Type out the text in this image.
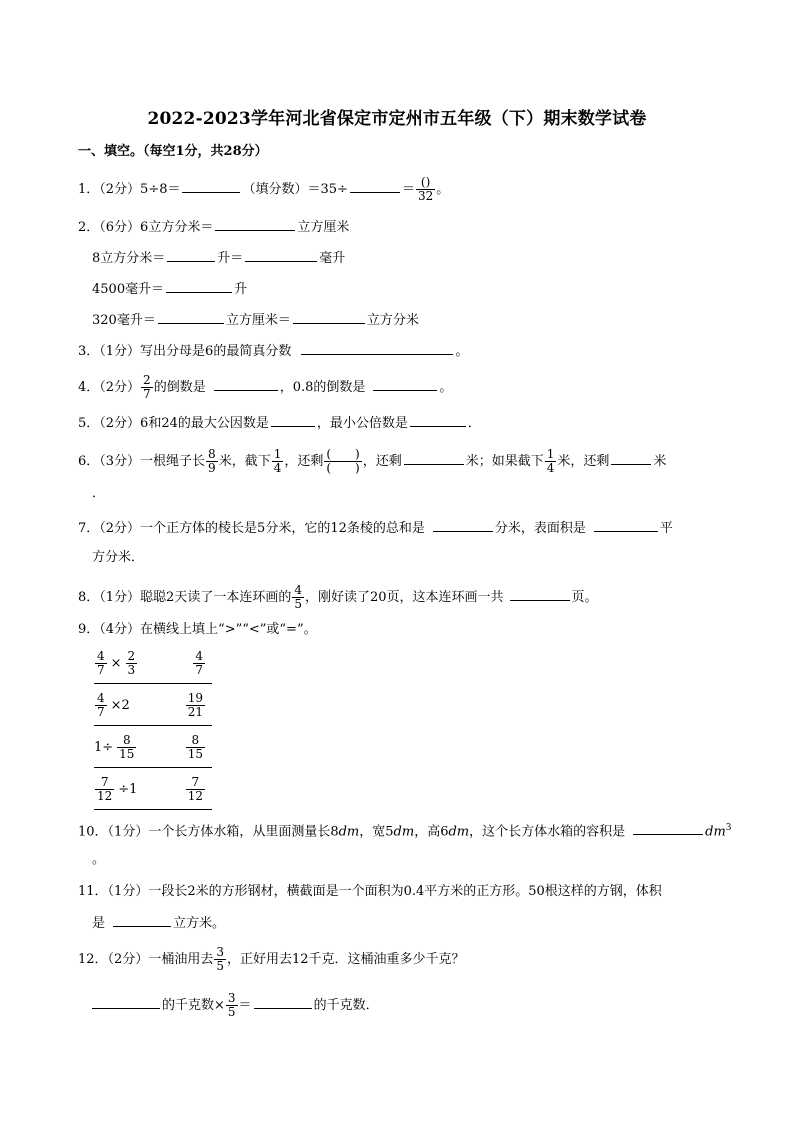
2022-2023学年河北省保定市定州市五年级（下）期末数学试卷
一、填空。（每空1分，共28分）
1．（2分）5÷8＝	（填分数）＝35÷	＝ $\frac{()}{32}$ 。
2．（6分）6立方分米＝	立方厘米
8立方分米＝	升＝	毫升
4500毫升＝	升
320毫升＝	立方厘米＝	立方分米
3．（1分）写出分母是6的最简真分数	。
4．（2分） $\frac{2}{7}$ 的倒数是	，0.8的倒数是	。
5．（2分）6和24的最大公因数是	，最小公倍数是	．
6．（3分）一根绳子长 $\frac{8}{9}$ 米，截下 $\frac{1}{4}$ ，还剩 $\frac{( )}{( )}$ ，还剩	米；如果截下 $\frac{1}{4}$ 米，还剩	米
．
7．（2分）一个正方体的棱长是5分米，它的12条棱的总和是	分米，表面积是	平
方分米．
8．（1分）聪聪2天读了一本连环画的 $\frac{4}{5}$ ，刚好读了20页，这本连环画一共	页。
9．（4分）在横线上填上“>”“<”或“=”。
$\frac{4}{7} \times \frac{2}{3}$	$\frac{4}{7}$
$\frac{4}{7} \times 2$	$\frac{19}{21}$
$1\div \frac{8}{15}$	$\frac{8}{15}$
$\frac{7}{12} \div 1$	$\frac{7}{12}$
10．（1分）一个长方体水箱，从里面测量长8dm，宽5dm，高6dm，这个长方体水箱的容积是	$dm^3$
。
11．（1分）一段长2米的方形钢材，横截面是一个面积为0.4平方米的正方形。50根这样的方钢，体积
是	立方米。
12．（2分）一桶油用去 $\frac{3}{5}$ ，正好用去12千克．这桶油重多少千克？
的千克数× $\frac{3}{5}$ ＝	的千克数．
